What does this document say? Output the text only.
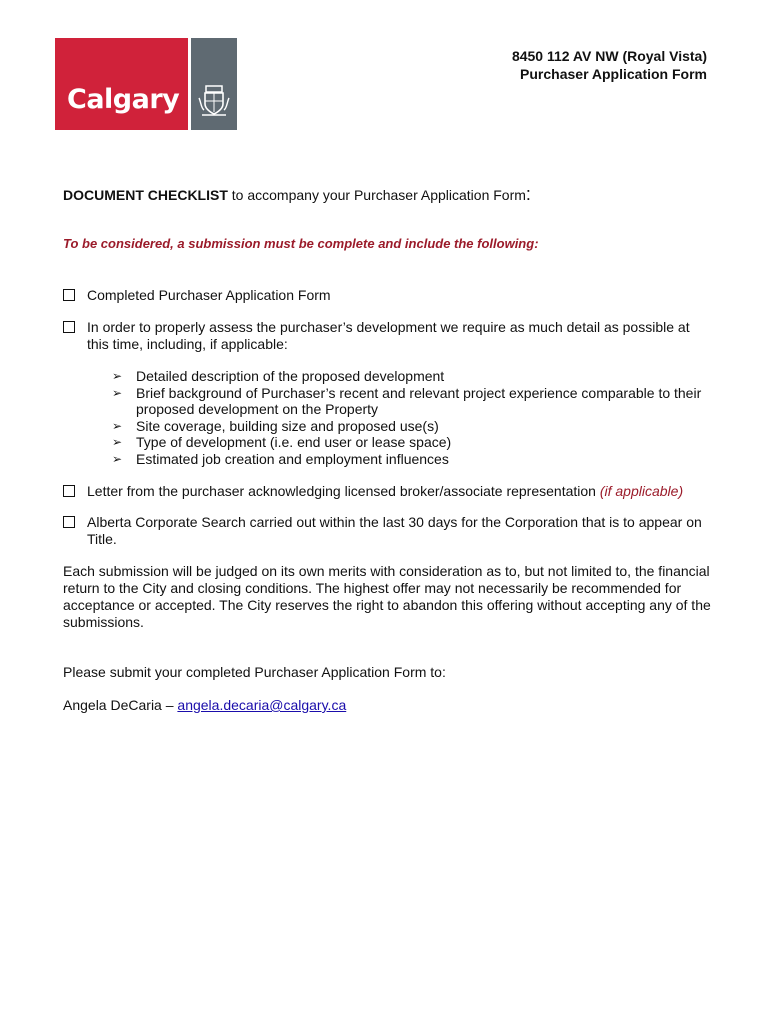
Calgary
8450 112 AV NW (Royal Vista)
Purchaser Application Form
DOCUMENT CHECKLIST to accompany your Purchaser Application Form:
To be considered, a submission must be complete and include the following:
Completed Purchaser Application Form
In order to properly assess the purchaser’s development we require as much detail as possible at this time, including, if applicable:
➢ Detailed description of the proposed development
➢ Brief background of Purchaser’s recent and relevant project experience comparable to their proposed development on the Property
➢ Site coverage, building size and proposed use(s)
➢ Type of development (i.e. end user or lease space)
➢ Estimated job creation and employment influences
Letter from the purchaser acknowledging licensed broker/associate representation (if applicable)
Alberta Corporate Search carried out within the last 30 days for the Corporation that is to appear on Title.
Each submission will be judged on its own merits with consideration as to, but not limited to, the financial return to the City and closing conditions. The highest offer may not necessarily be recommended for acceptance or accepted. The City reserves the right to abandon this offering without accepting any of the submissions.
Please submit your completed Purchaser Application Form to:
Angela DeCaria – angela.decaria@calgary.ca
